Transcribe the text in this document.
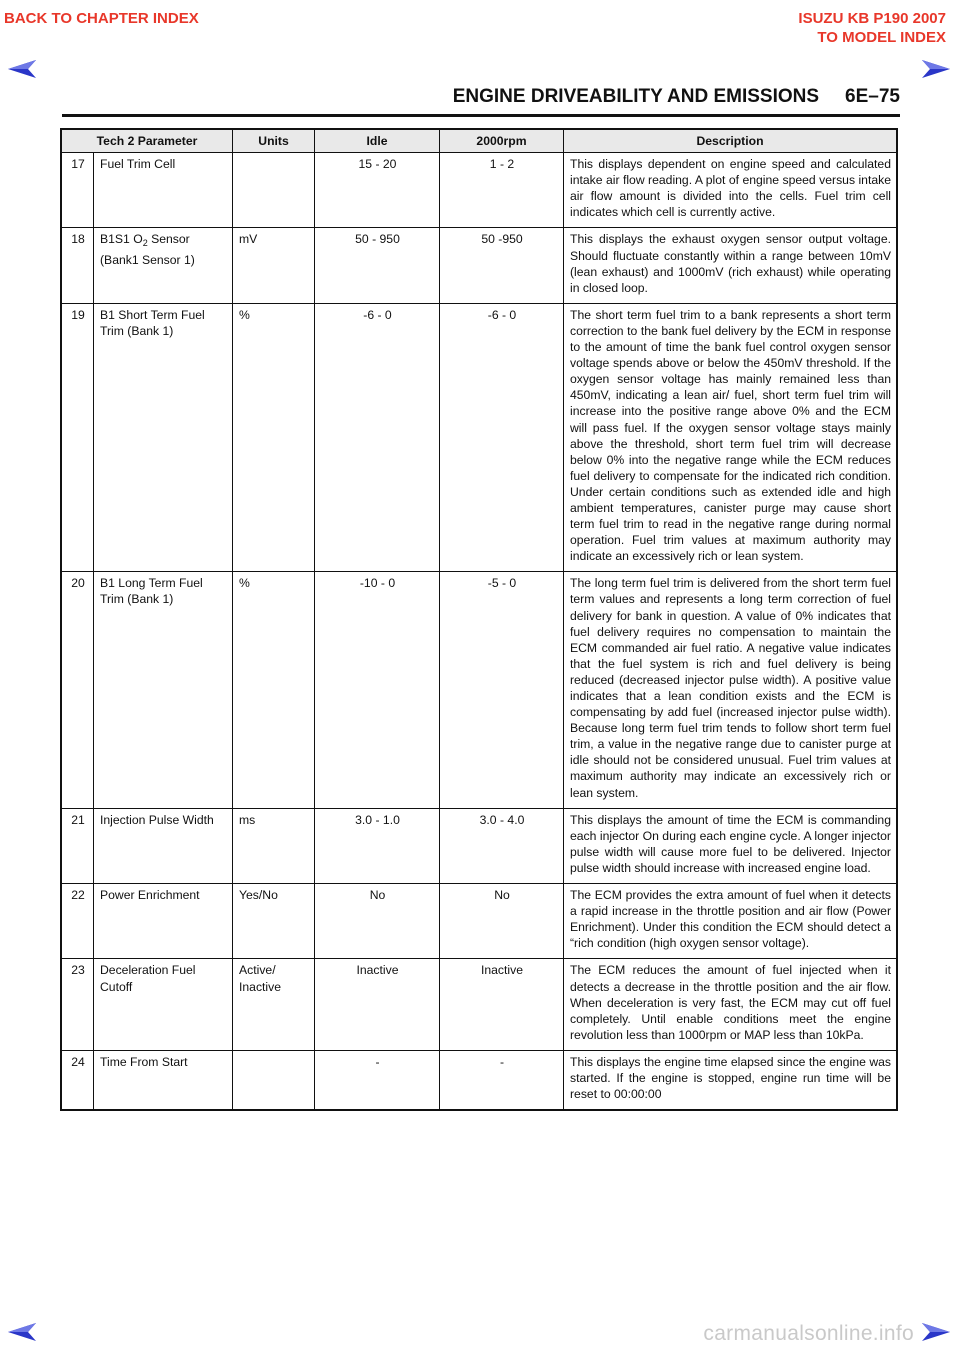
BACK TO CHAPTER INDEX	ISUZU KB P190 2007
TO MODEL INDEX
ENGINE DRIVEABILITY AND EMISSIONS 6E–75
Tech 2 Parameter		Units	Idle	2000rpm	Description
17	Fuel Trim Cell		15 - 20	1 - 2	This displays dependent on engine speed and calculated intake air flow reading. A plot of engine speed versus intake air flow amount is divided into the cells. Fuel trim cell indicates which cell is currently active.
18	B1S1 $O_2$ Sensor
(Bank1 Sensor 1)	mV	50 - 950	50 -950	This displays the exhaust oxygen sensor output voltage. Should fluctuate constantly within a range between 10mV (lean exhaust) and 1000mV (rich exhaust) while operating in closed loop.
19	B1 Short Term Fuel
Trim (Bank 1)	%	-6 - 0	-6 - 0	The short term fuel trim to a bank represents a short term correction to the bank fuel delivery by the ECM in response to the amount of time the bank fuel control oxygen sensor voltage spends above or below the 450mV threshold. If the oxygen sensor voltage has mainly remained less than 450mV, indicating a lean air/ fuel, short term fuel trim will increase into the positive range above 0% and the ECM will pass fuel. If the oxygen sensor voltage stays mainly above the threshold, short term fuel trim will decrease below 0% into the negative range while the ECM reduces fuel delivery to compensate for the indicated rich condition. Under certain conditions such as extended idle and high ambient temperatures, canister purge may cause short term fuel trim to read in the negative range during normal operation. Fuel trim values at maximum authority may indicate an excessively rich or lean system.
20	B1 Long Term Fuel
Trim (Bank 1)	%	-10 - 0	-5 - 0	The long term fuel trim is delivered from the short term fuel term values and represents a long term correction of fuel delivery for bank in question. A value of 0% indicates that fuel delivery requires no compensation to maintain the ECM commanded air fuel ratio. A negative value indicates that the fuel system is rich and fuel delivery is being reduced (decreased injector pulse width). A positive value indicates that a lean condition exists and the ECM is compensating by add fuel (increased injector pulse width). Because long term fuel trim tends to follow short term fuel trim, a value in the negative range due to canister purge at idle should not be considered unusual. Fuel trim values at maximum authority may indicate an excessively rich or lean system.
21	Injection Pulse Width	ms	3.0 - 1.0	3.0 - 4.0	This displays the amount of time the ECM is commanding each injector On during each engine cycle. A longer injector pulse width will cause more fuel to be delivered. Injector pulse width should increase with increased engine load.
22	Power Enrichment	Yes/No	No	No	The ECM provides the extra amount of fuel when it detects a rapid increase in the throttle position and air flow (Power Enrichment). Under this condition the ECM should detect a “rich condition (high oxygen sensor voltage).
23	Deceleration Fuel
Cutoff	Active/
Inactive	Inactive	Inactive	The ECM reduces the amount of fuel injected when it detects a decrease in the throttle position and the air flow. When deceleration is very fast, the ECM may cut off fuel completely. Until enable conditions meet the engine revolution less than 1000rpm or MAP less than 10kPa.
24	Time From Start		-	-	This displays the engine time elapsed since the engine was started. If the engine is stopped, engine run time will be reset to 00:00:00
carmanualsonline.info
